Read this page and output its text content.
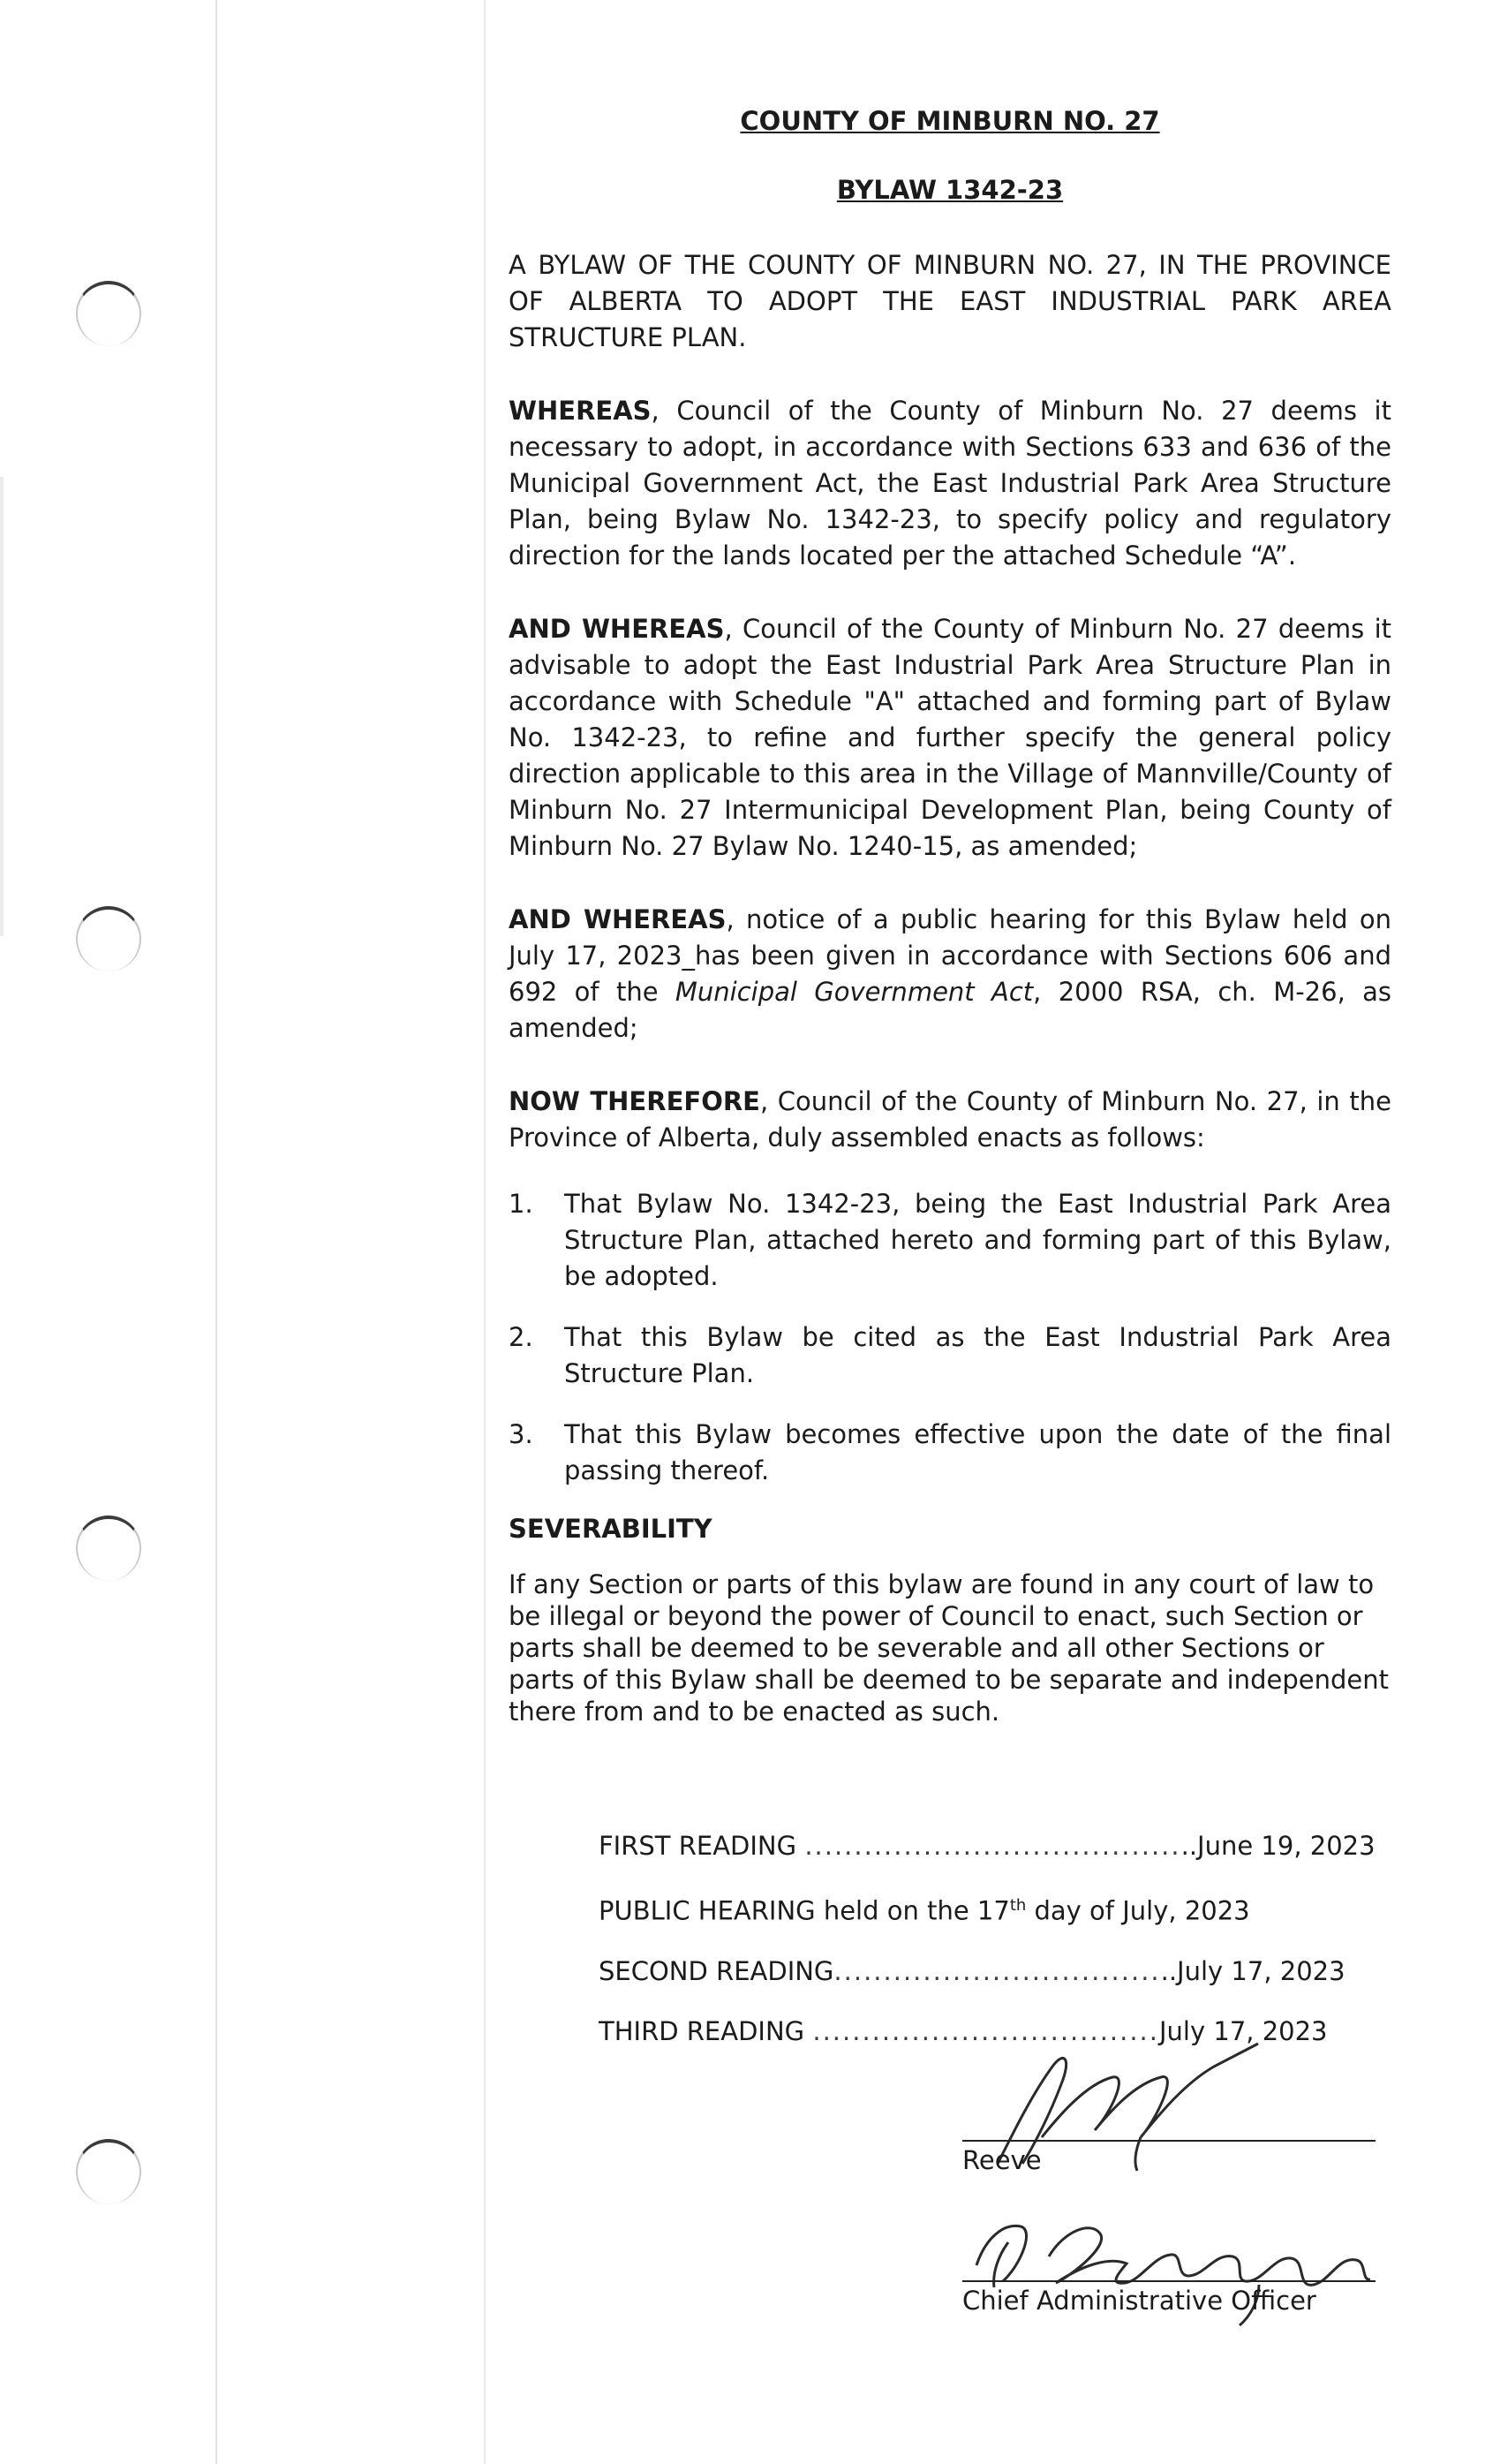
COUNTY OF MINBURN NO. 27
BYLAW 1342-23

A BYLAW OF THE COUNTY OF MINBURN NO. 27, IN THE PROVINCE OF ALBERTA TO ADOPT THE EAST INDUSTRIAL PARK AREA STRUCTURE PLAN.

WHEREAS, Council of the County of Minburn No. 27 deems it necessary to adopt, in accordance with Sections 633 and 636 of the Municipal Government Act, the East Industrial Park Area Structure Plan, being Bylaw No. 1342-23, to specify policy and regulatory direction for the lands located per the attached Schedule “A”.

AND WHEREAS, Council of the County of Minburn No. 27 deems it advisable to adopt the East Industrial Park Area Structure Plan in accordance with Schedule "A" attached and forming part of Bylaw No. 1342-23, to refine and further specify the general policy direction applicable to this area in the Village of Mannville/County of Minburn No. 27 Intermunicipal Development Plan, being County of Minburn No. 27 Bylaw No. 1240-15, as amended;

AND WHEREAS, notice of a public hearing for this Bylaw held on July 17, 2023_has been given in accordance with Sections 606 and 692 of the Municipal Government Act, 2000 RSA, ch. M-26, as amended;

NOW THEREFORE, Council of the County of Minburn No. 27, in the Province of Alberta, duly assembled enacts as follows:

1.	That Bylaw No. 1342-23, being the East Industrial Park Area Structure Plan, attached hereto and forming part of this Bylaw, be adopted.
2.	That this Bylaw be cited as the East Industrial Park Area Structure Plan.
3.	That this Bylaw becomes effective upon the date of the final passing thereof.
SEVERABILITY

If any Section or parts of this bylaw are found in any court of law to be illegal or beyond the power of Council to enact, such Section or parts shall be deemed to be severable and all other Sections or parts of this Bylaw shall be deemed to be separate and independent there from and to be enacted as such.

FIRST READING ........................................June 19, 2023
PUBLIC HEARING held on the 17th day of July, 2023
SECOND READING...................................July 17, 2023
THIRD READING ...................................July 17, 2023
Reeve
Chief Administrative Officer
